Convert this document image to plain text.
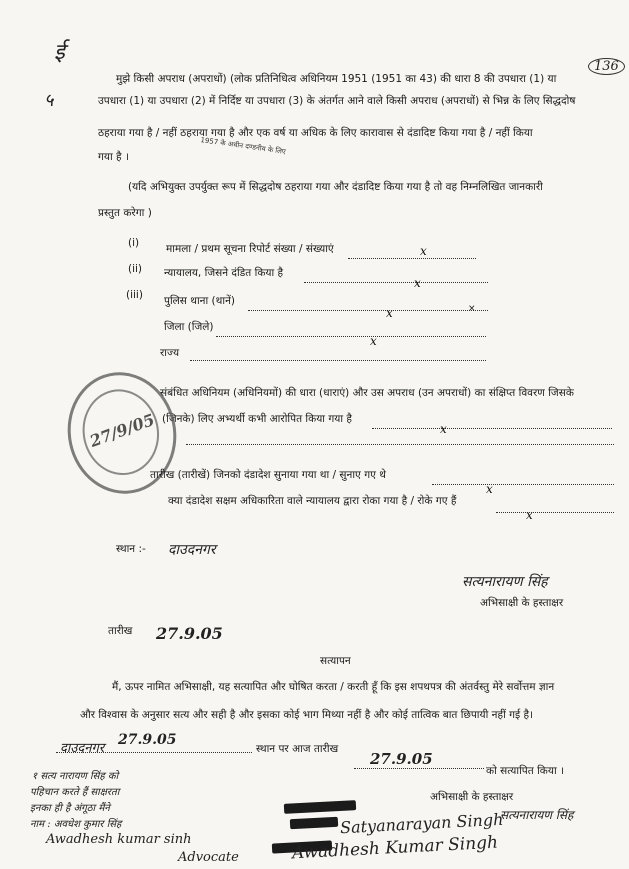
136
ई
५
मुझे किसी अपराध (अपराधों) (लोक प्रतिनिधित्व अधिनियम 1951 (1951 का 43) की धारा 8 की उपधारा (1) या
उपधारा (1) या उपधारा (2) में निर्दिष्ट या उपधारा (3) के अंतर्गत आने वाले किसी अपराध (अपराधों) से भिन्न के लिए सिद्धदोष
ठहराया गया है / नहीं ठहराया गया है और एक वर्ष या अधिक के लिए कारावास से दंडादिष्ट किया गया है / नहीं किया
गया है ।
1957 के अधीन दण्डनीय के लिए
(यदि अभियुक्त उपर्युक्त रूप में सिद्धदोष ठहराया गया और दंडादिष्ट किया गया है तो वह निम्नलिखित जानकारी
प्रस्तुत करेगा )
(i)	मामला / प्रथम सूचना रिपोर्ट संख्या / संख्याएं	x
(ii) न्यायालय, जिसने दंडित किया है
x
(iii) पुलिस थाना (थानें)
x	×
जिला (जिले)
राज्य
x
संबंधित अधिनियम (अधिनियमों) की धारा (धाराएं) और उस अपराध (उन अपराधों) का संक्षिप्त विवरण जिसके
(जिनके) लिए अभ्यर्थी कभी आरोपित किया गया है
x
27/9/05
तारीख (तारीखें) जिनको दंडादेश सुनाया गया था / सुनाए गए थे
x
क्या दंडादेश सक्षम अधिकारिता वाले न्यायालय द्वारा रोका गया है / रोके गए हैं
x
स्थान :- दाउदनगर
सत्यनारायण सिंह
अभिसाक्षी के हस्ताक्षर
तारीख 27.9.05
सत्यापन
मैं, ऊपर नामित अभिसाक्षी, यह सत्यापित और घोषित करता / करती हूँ कि इस शपथपत्र की अंतर्वस्तु मेरे सर्वोत्तम ज्ञान
और विश्वास के अनुसार सत्य और सही है और इसका कोई भाग मिथ्या नहीं है और कोई तात्विक बात छिपायी नहीं गई है।
दाउदनगर
27.9.05
स्थान पर आज तारीख
27.9.05
को सत्यापित किया ।
अभिसाक्षी के हस्ताक्षर
सत्यनारायण सिंह
१ सत्य नारायण सिंह को
पहिचान करते हैं साक्षरता
इनका ही है अंगूठा मैंने
नाम : अवधेश कुमार सिंह
Awadhesh kumar sinh
Advocate
Satyanarayan Singh
Awadhesh Kumar Singh
